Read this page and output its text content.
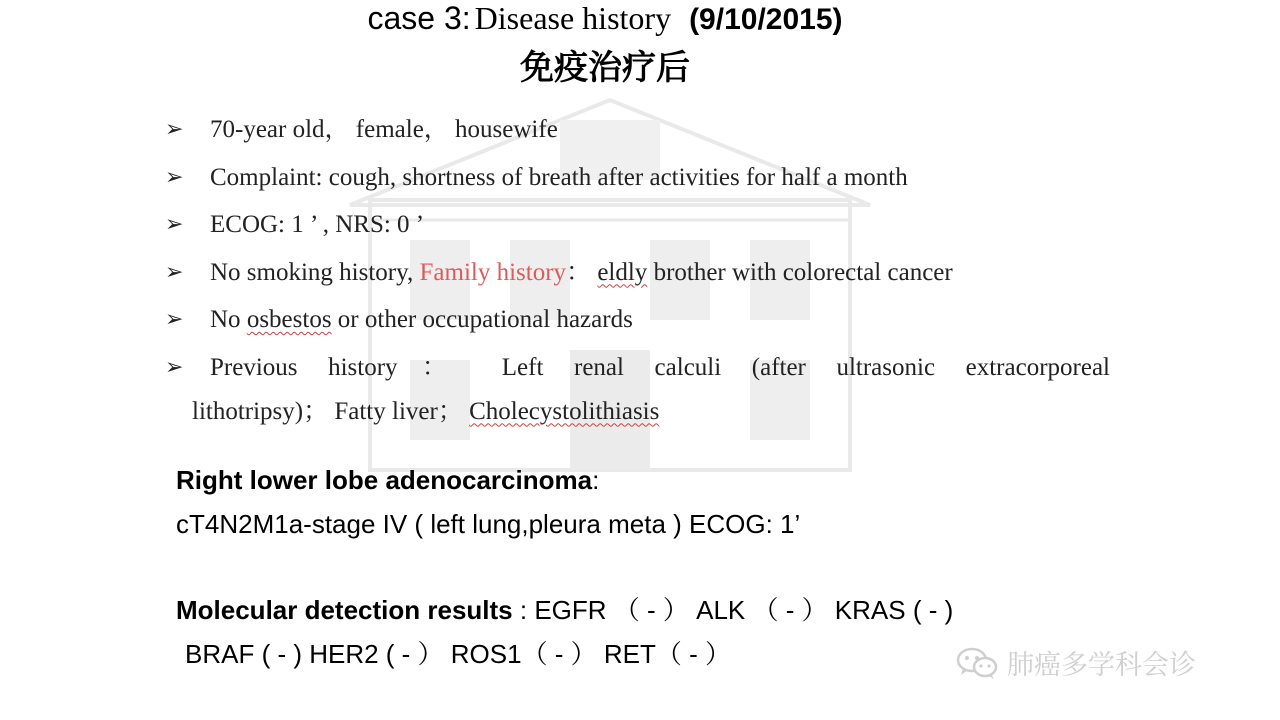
case 3: Disease history (9/10/2015)
免疫治疗后
➢ 70-year old， female， housewife
➢ Complaint: cough, shortness of breath after activities for half a month
➢ ECOG: 1 ’ , NRS: 0 ’
➢ No smoking history, Family history： eldly brother with colorectal cancer
➢ No osbestos or other occupational hazards
➢ Previous history： Left renal calculi (after ultrasonic extracorporeal
lithotripsy)； Fatty liver； Cholecystolithiasis
Right lower lobe adenocarcinoma:
cT4N2M1a-stage IV ( left lung,pleura meta ) ECOG: 1’
Molecular detection results : EGFR （ - ） ALK （ - ） KRAS ( - )
BRAF ( - ) HER2 ( - ） ROS1（ - ） RET（ - ）	肺癌多学科会诊
